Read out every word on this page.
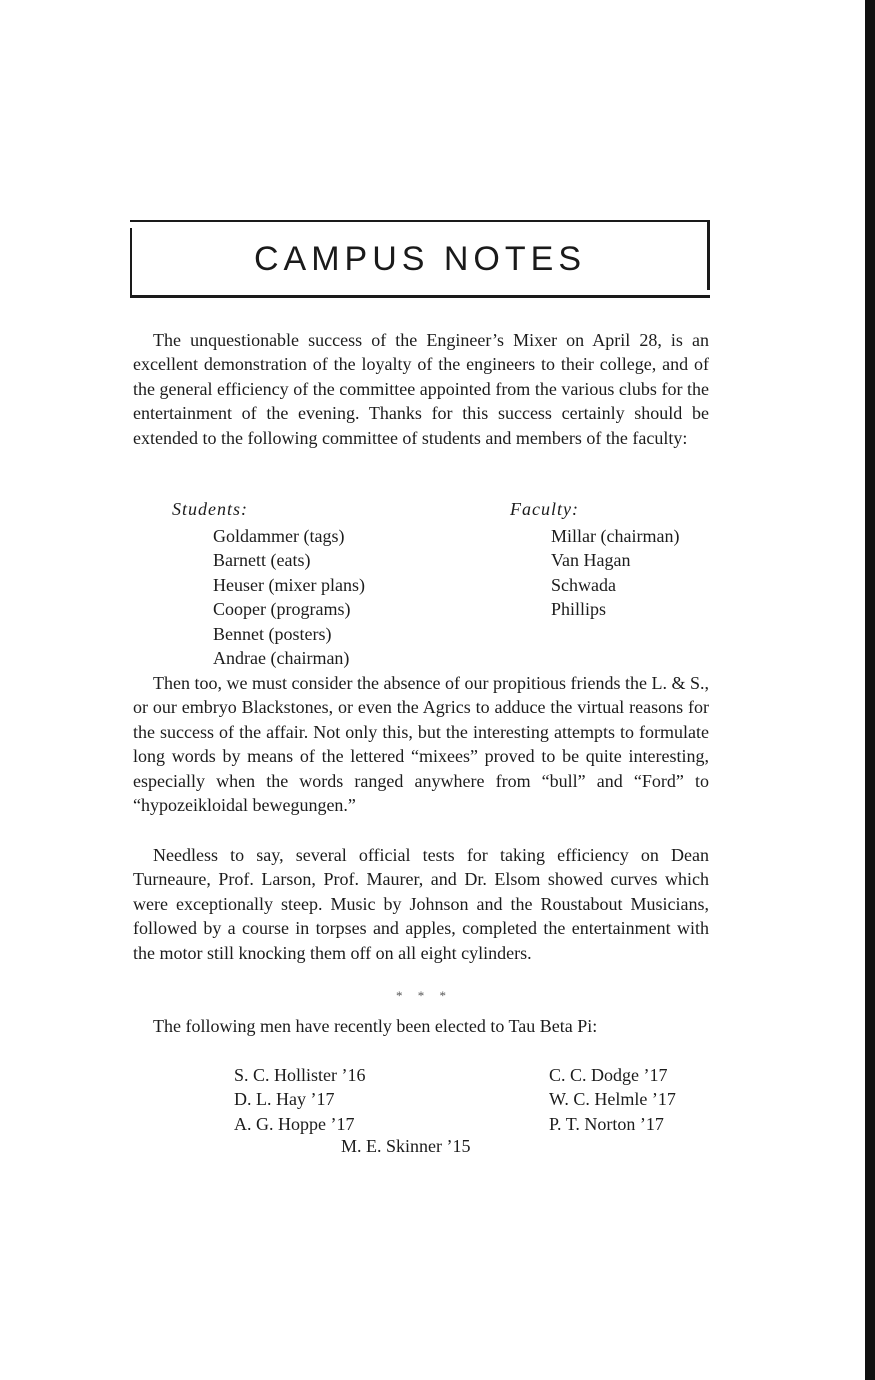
CAMPUS NOTES

The unquestionable success of the Engineer’s Mixer on April 28, is an excellent demonstration of the loyalty of the engineers to their college, and of the general efficiency of the committee appointed from the various clubs for the entertainment of the evening. Thanks for this success certainly should be extended to the following committee of students and members of the faculty:

Students:	Faculty:
Goldammer (tags)
Barnett (eats)
Heuser (mixer plans)
Cooper (programs)
Bennet (posters)
Andrae (chairman)
Millar (chairman)
Van Hagan
Schwada
Phillips

Then too, we must consider the absence of our propitious friends the L. & S., or our embryo Blackstones, or even the Agrics to adduce the virtual reasons for the success of the affair. Not only this, but the interesting attempts to formulate long words by means of the lettered “mixees” proved to be quite interesting, especially when the words ranged anywhere from “bull” and “Ford” to “hypozeikloidal bewegungen.”

Needless to say, several official tests for taking efficiency on Dean Turneaure, Prof. Larson, Prof. Maurer, and Dr. Elsom showed curves which were exceptionally steep. Music by Johnson and the Roustabout Musicians, followed by a course in torpses and apples, completed the entertainment with the motor still knocking them off on all eight cylinders.

* * *

The following men have recently been elected to Tau Beta Pi:

S. C. Hollister ’16
D. L. Hay ’17
A. G. Hoppe ’17
C. C. Dodge ’17
W. C. Helmle ’17
P. T. Norton ’17
M. E. Skinner ’15
